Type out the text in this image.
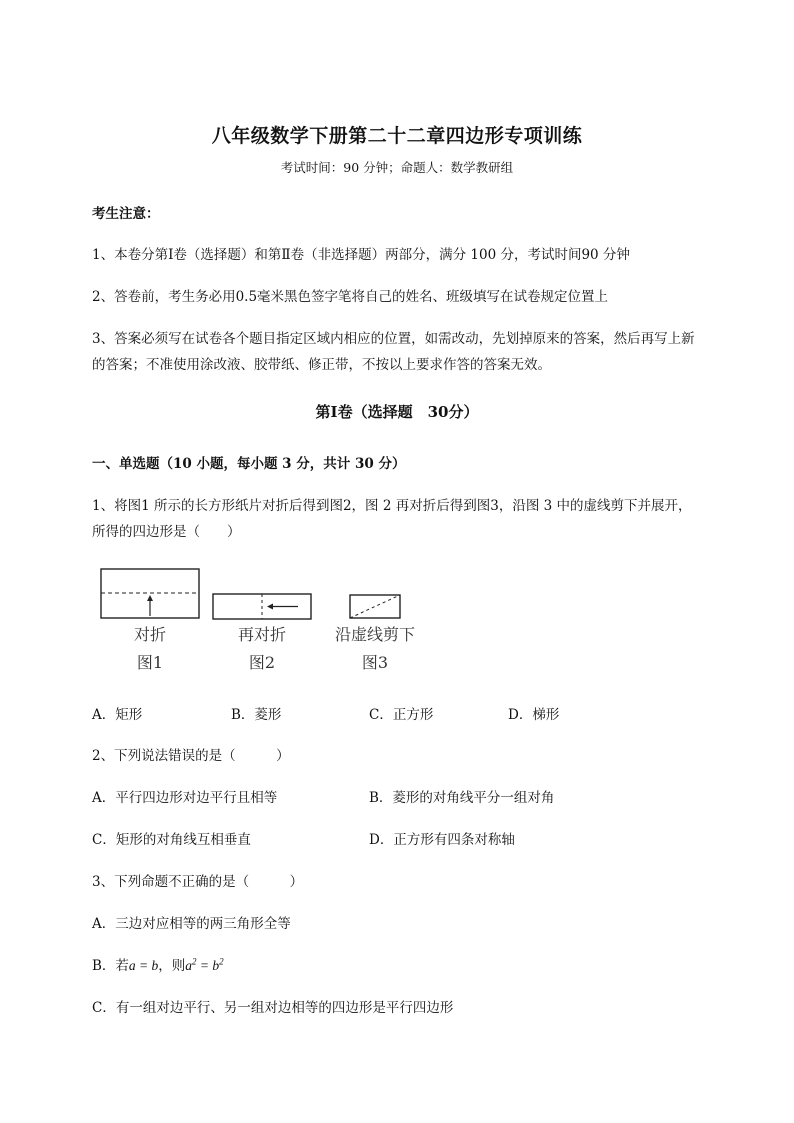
八年级数学下册第二十二章四边形专项训练
考试时间：90 分钟；命题人：数学教研组
考生注意：
1、本卷分第Ⅰ卷（选择题）和第Ⅱ卷（非选择题）两部分，满分 100 分，考试时间90 分钟
2、答卷前，考生务必用0.5毫米黑色签字笔将自己的姓名、班级填写在试卷规定位置上
3、答案必须写在试卷各个题目指定区域内相应的位置，如需改动，先划掉原来的答案，然后再写上新
的答案；不准使用涂改液、胶带纸、修正带，不按以上要求作答的答案无效。
第Ⅰ卷（选择题　30分）
一、单选题（10 小题，每小题 3 分，共计 30 分）
1、将图1 所示的长方形纸片对折后得到图2，图 2 再对折后得到图3，沿图 3 中的虚线剪下并展开，
所得的四边形是（　　）
对折
图1
再对折
图2
沿虚线剪下
图3
A．矩形	B．菱形	C．正方形	D．梯形
2、下列说法错误的是（　　　）
A．平行四边形对边平行且相等	B．菱形的对角线平分一组对角
C．矩形的对角线互相垂直	D．正方形有四条对称轴
3、下列命题不正确的是（　　　）
A．三边对应相等的两三角形全等
B．若a = b，则$a^2 = b^2$
C．有一组对边平行、另一组对边相等的四边形是平行四边形
